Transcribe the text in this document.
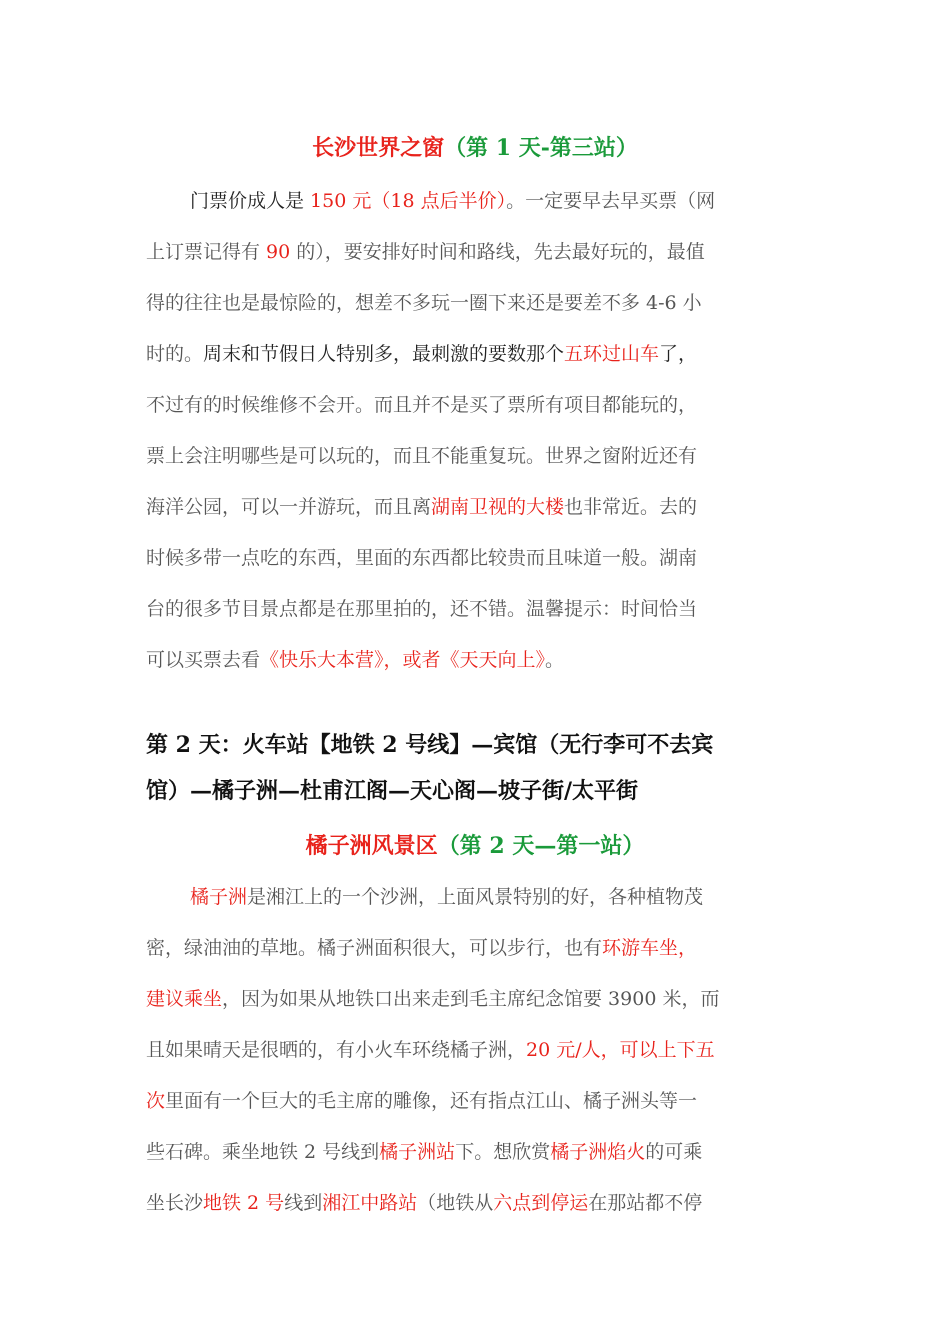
长沙世界之窗（第 1 天-第三站）
门票价成人是 150 元（18 点后半价）。一定要早去早买票（网
上订票记得有 90 的），要安排好时间和路线，先去最好玩的，最值
得的往往也是最惊险的，想差不多玩一圈下来还是要差不多 4-6 小
时的。周末和节假日人特别多，最刺激的要数那个五环过山车了，
不过有的时候维修不会开。而且并不是买了票所有项目都能玩的，
票上会注明哪些是可以玩的，而且不能重复玩。世界之窗附近还有
海洋公园，可以一并游玩，而且离湖南卫视的大楼也非常近。去的
时候多带一点吃的东西，里面的东西都比较贵而且味道一般。湖南
台的很多节目景点都是在那里拍的，还不错。温馨提示：时间恰当
可以买票去看《快乐大本营》，或者《天天向上》。
第 2 天：火车站【地铁 2 号线】—宾馆（无行李可不去宾
馆）—橘子洲—杜甫江阁—天心阁—坡子街/太平街
橘子洲风景区（第 2 天—第一站）
橘子洲是湘江上的一个沙洲，上面风景特别的好，各种植物茂
密，绿油油的草地。橘子洲面积很大，可以步行，也有环游车坐，
建议乘坐，因为如果从地铁口出来走到毛主席纪念馆要 3900 米，而
且如果晴天是很晒的，有小火车环绕橘子洲，20 元/人，可以上下五
次里面有一个巨大的毛主席的雕像，还有指点江山、橘子洲头等一
些石碑。乘坐地铁 2 号线到橘子洲站下。想欣赏橘子洲焰火的可乘
坐长沙地铁 2 号线到湘江中路站（地铁从六点到停运在那站都不停
